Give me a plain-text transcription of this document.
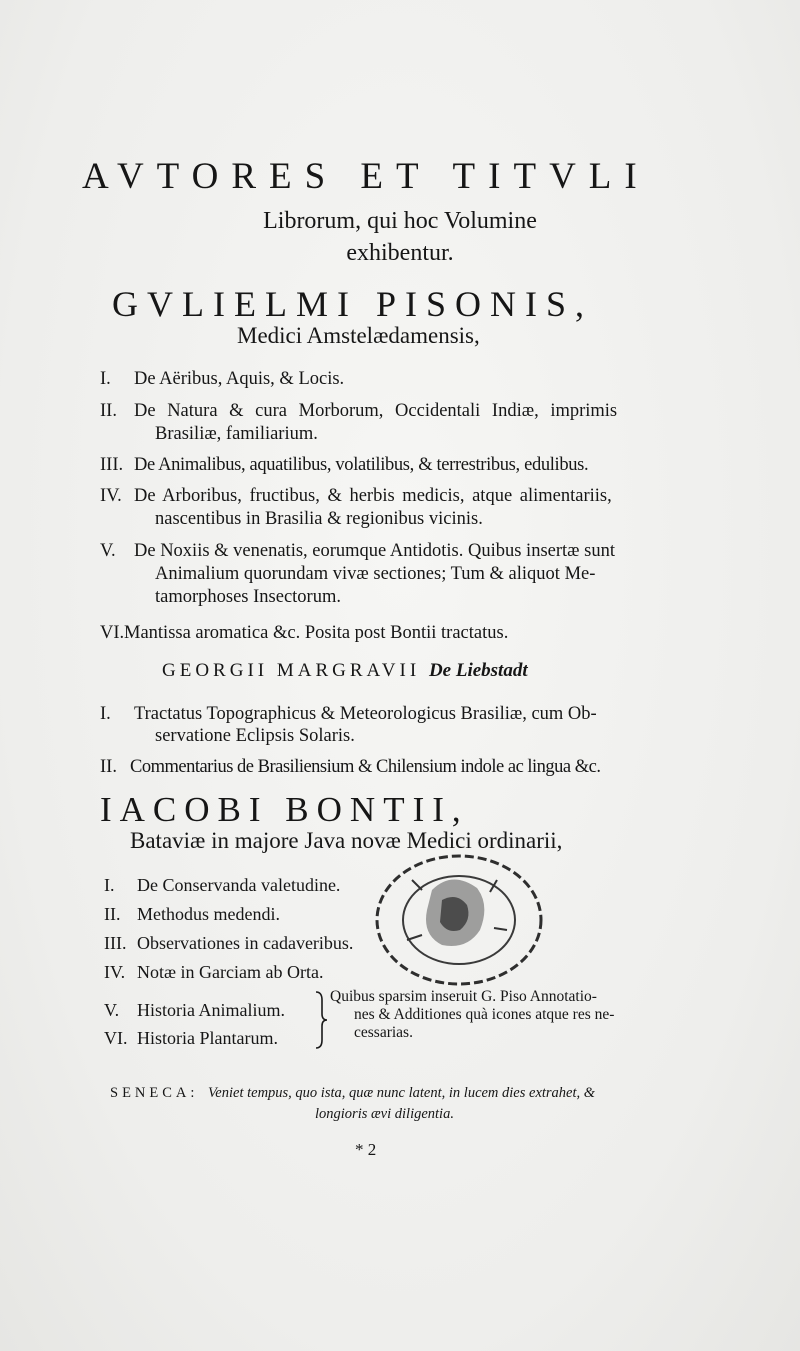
AVTORES ET TITVLI
Librorum, qui hoc Volumine
exhibentur.
GVLIELMI PISONIS,
Medici Amstelædamensis,
I. De Aëribus, Aquis, & Locis.
II. De Natura & cura Morborum, Occidentali Indiæ, imprimis
Brasiliæ, familiarium.
III. De Animalibus, aquatilibus, volatilibus, & terrestribus, edulibus.
IV. De Arboribus, fructibus, & herbis medicis, atque alimentariis,
nascentibus in Brasilia & regionibus vicinis.
V. De Noxiis & venenatis, eorumque Antidotis. Quibus insertæ sunt
Animalium quorundam vivæ sectiones; Tum & aliquot Me-
tamorphoses Insectorum.
VI. Mantissa aromatica &c. Posita post Bontii tractatus.
GEORGII MARGRAVII De Liebstadt
I. Tractatus Topographicus & Meteorologicus Brasiliæ, cum Ob-
servatione Eclipsis Solaris.
II. Commentarius de Brasiliensium & Chilensium indole ac lingua &c.
IACOBI BONTII,
Bataviæ in majore Java novæ Medici ordinarii,
I. De Conservanda valetudine.
II. Methodus medendi.
III. Observationes in cadaveribus.
IV. Notæ in Garciam ab Orta.
V. Historia Animalium.
VI. Historia Plantarum.
Quibus sparsim inseruit G. Piso Annotatio-
nes & Additiones quà icones atque res ne-
cessarias.
SENECA: Veniet tempus, quo ista, quæ nunc latent, in lucem dies extrahet, &
longioris ævi diligentia.
* 2
